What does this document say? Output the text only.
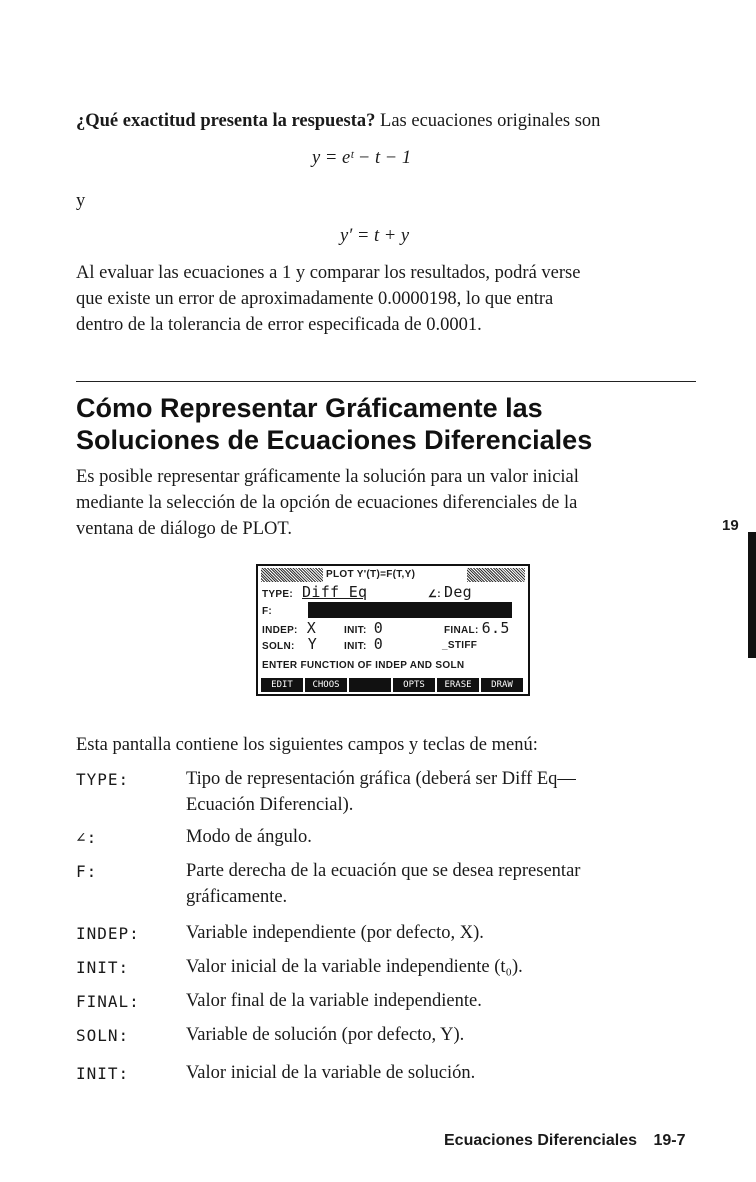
¿Qué exactitud presenta la respuesta? Las ecuaciones originales son
y = eᵗ − t − 1
y
y′ = t + y
Al evaluar las ecuaciones a 1 y comparar los resultados, podrá verse
que existe un error de aproximadamente 0.0000198, lo que entra
dentro de la tolerancia de error especificada de 0.0001.
Cómo Representar Gráficamente las
Soluciones de Ecuaciones Diferenciales
Es posible representar gráficamente la solución para un valor inicial
mediante la selección de la opción de ecuaciones diferenciales de la
ventana de diálogo de PLOT.	19
PLOT Y'(T)=F(T,Y)
TYPE: Diff Eq	∠: Deg
F:
INDEP: X	INIT: 0	FINAL: 6.5
SOLN: Y	INIT: 0	_STIFF
ENTER FUNCTION OF INDEP AND SOLN
EDIT	CHOOS	OPTS	ERASE	DRAW
Esta pantalla contiene los siguientes campos y teclas de menú:
TYPE:	Tipo de representación gráfica (deberá ser Diff Eq—
Ecuación Diferencial).
∠:	Modo de ángulo.
F:	Parte derecha de la ecuación que se desea representar
gráficamente.
INDEP: Variable independiente (por defecto, X).
INIT:	Valor inicial de la variable independiente (t₀).
FINAL: Valor final de la variable independiente.
SOLN:	Variable de solución (por defecto, Y).
INIT:	Valor inicial de la variable de solución.
Ecuaciones Diferenciales 19-7
